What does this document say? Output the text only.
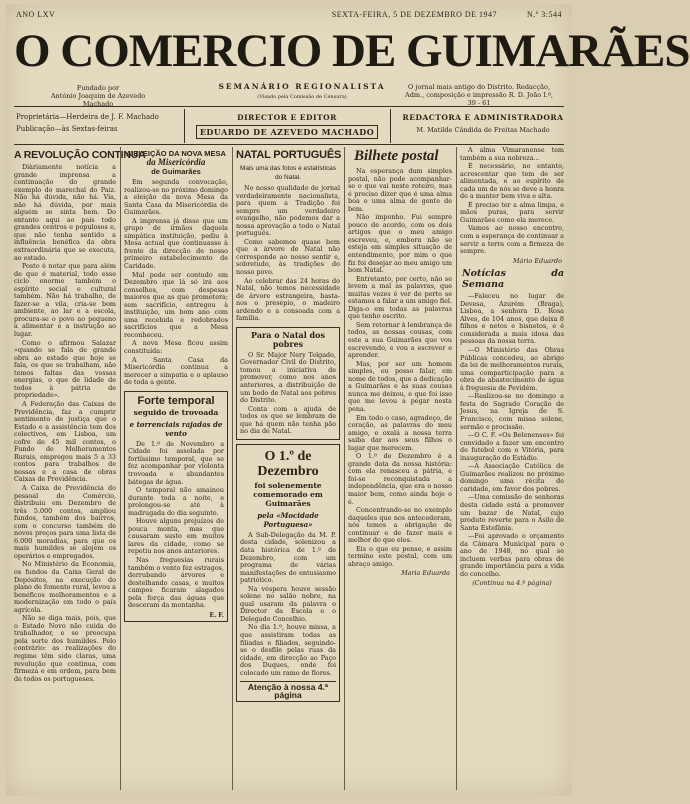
ANO LXV	SEXTA-FEIRA, 5 DE DEZEMBRO DE 1947	N.º 3:544
O COMERCIO DE GUIMARÃES
Fundado por
António Joaquim de Azevedo Machado
SEMANÁRIO REGIONALISTA
(Visado pela Comissão de Censura)
O jornal mais antigo do Distrito. Redacção,
Adm., composição e impressão R. D. João I.º, 39 - 61
Proprietária—Herdeira de J. F. Machado
Publicação—às Sextas-feiras
DIRECTOR E EDITOR
EDUARDO DE AZEVEDO MACHADO
REDACTORA E ADMINISTRADORA
M. Matilde Cândida de Freitas Machado
A REVOLUÇÃO CONTINUA

Diàriamente notícia a grande imprensa a continuação do grande exemplo do marechal do Paiz. Não há dúvida, não há. Via, não há dúvida, por mais alguém se sinta bem. Do entanto aqui ao pais todo grandes centros e populosos e, que não tenha sentido a influência benéfica da obra extraordinária que se executa, ao estado.

Posto é notar que para além de que é material, todo esse ciclo enorme também o espírito social e cultural também. Não há trabalho, de fazer-se a vila, cria-se bom ambiente, ao lar e a escola, procura-se o povo ao pequeno a alimentar e a instrução ao lugar.

Como o afirmou Salazar «quando se fala de grande obra ao estado que hoje se fala, os que se trabalham, não temos faltas das vossas energias, o que de lidade de todos à pátria de propriedade».

A Federação das Caixas de Previdência, faz a cumprir sentimento de justiça que o Estado e a assistência tem dos colectivos, em Lisboa, um cofre de 45 mil contos, o Fundo de Melhoramentos Rurais, empregou mais 5 a 33 contos para trabalhos de nossas e a casa de obras Caixas de Previdência.

A Caixa de Previdência do pessoal do Comércio, distribuiu em Dezembro de três 5.000 contos, ampliou fundos, também dos bairros, com o concurso também de novos preços para uma lista de 6.000 moradias, para que os mais humildes se alojem os operários e empregados.

No Ministério da Economia, os fundos da Caixa Geral de Depósitos, na execução do plano de fomento rural, levou a benéficos melhoramentos e a modernização em todo o país agrícola.

Não se diga mais, pois, que o Estado Novo não cuida do trabalhador, e se preocupa pela sorte dos humildes. Pelo contrário: as realizações do regime têm sido claras, uma revolução que continua, com firmeza e em ordem, para bem de todos os portugueses.

A ELEIÇÃO DA NOVA MESA
da Misericórdia
de Guimarães

Em segunda convocação, realizou-se no próximo domingo a eleição da nova Mesa da Santa Casa da Misericórdia de Guimarães.

A imprensa já disse que um grupo de irmãos daquela simpática instituição, pediu à Mesa actual que continuasse à frente da direcção de nosso primeiro estabelecimento de Caridade.

Mal pode ser contudo em Dezembro que lá só irá aos conselhos, com despesas maiores que as que prometera; sem sacrifício, entregou à instituição, um bom ano com uma recebida e redobrados sacrifícios que a Mesa reconheceu.

A nova Mesa ficou assim constituída:

A Santa Casa da Misericórdia continua a merecer a simpatia e o aplauso de toda a gente.

Forte temporal
seguido de trovoada
e torrenciais rajadas de vento

De 1.º de Novembro a Cidade foi assolada por fortíssimo temporal, que se fez acompanhar por violenta trovoada e abundantes bátegas de água.

O temporal não amainou durante toda a noite, e prolongou-se até à madrugada do dia seguinte.

Houve alguns prejuízos de pouca monta, mas que causaram susto em muitos lares da cidade, como se repetiu nos anos anteriores.

Nas freguesias rurais também o vento fez estragos, derrubando árvores e destelhando casas, e muitos campos ficaram alagados pela força das águas que desceram da montanha.

E. F.
NATAL PORTUGUÊS
Mais uma das fotos e estatísticas do Natal.

No nosso qualidade de jornal verdadeiramente nacionalista, para quem a Tradição foi sempre um verdadeiro evangelho, não podemos dar a nossa aprovação a todo o Natal português.

Como sabemos quase bem que a árvore de Natal não corresponde ao nosso sentir e, sobretudo, às tradições do nosso povo.

Ao celebrar das 24 horas do Natal, não temos necessidade de árvore estrangeira, basta-nos o presépio, o madeiro ardendo e a consoada com a família.

Para o Natal dos pobres

O Sr. Major Nery Telgado, Governador Civil do Distrito, tomou a iniciativa de promover, como nos anos anteriores, a distribuição de um bodo de Natal aos pobres do Distrito.

Conta com a ajuda de todos os que se lembram de que há quem não tenha pão no dia de Natal.

O 1.º de Dezembro
foi solenemente comemorado em Guimarães
pela «Mocidade Portuguesa»

A Sub-Delegação da M. P. desta cidade, solenizou a data histórica de 1.º de Dezembro, com um programa de várias manifestações de entusiasmo patriótico.

Na véspera houve sessão solene no salão nobre, na qual usaram da palavra o Director da Escola e o Delegado Concelhio.

No dia 1.º, houve missa, a que assistiram todas as filiadas e filiados, seguindo-se o desfile pelas ruas da cidade, em direcção ao Paço dos Duques, onde foi colocado um ramo de flores.

Atenção à nossa 4.ª página
Bilhete postal

Na esperança dum simples postal, não pode acompanhar-se o que vai neste roteiro, mas é preciso dizer que é uma alma boa e uma alma de gente de bem.

Não imponho. Fui sempre pouco de acordo, com os dois artigos que o meu amigo escreveu, e, embora não se esteja em simples situação de entendimento, por mim o que fiz foi desejar ao meu amigo um bom Natal.

Entretanto, por certo, não se levem a mal as palavras, que muitas vezes é ver de perto se estamos a falar a um amigo fiel. Diga-o em todas as palavras que tenho escrito.

Sem retornar à lembrança de todos, as nossas cousas, com este a sua Guimarães que vou escrevendo, e vou a escrever e aprender.

Mas, por ser um homem simples, eu posso falar, em nome de todos, que a dedicação a Guimarães e às suas cousas nunca me deixou, e que foi isso que me levou a pegar nesta pena.

Em todo o caso, agradeço, de coração, as palavras do meu amigo, e oxalá a nossa terra saiba dar aos seus filhos o lugar que merecem.

O 1.º de Dezembro é a grande data da nossa história: com ela renasceu a pátria, e foi-se reconquistada a independência, que era o nosso maior bem, como ainda hoje o é.

Concentrando-se no exemplo daqueles que nos antecederam, nós temos a obrigação de continuar e de fazer mais e melhor do que eles.

Eis o que eu penso, e assim termino este postal, com um abraço amigo.

Maria Eduarda

A alma Vimaranense tem também a sua nobreza...

É necessário, no entanto, acrescentar que tem de ser alimentada, e ao espírito de cada um de nós se deve a honra de a manter bem viva e alta.

É preciso ter a alma limpa, e mãos puras, para servir Guimarães como ela merece.

Vamos ao nosso encontro, com a esperança de continuar a servir a terra com a firmeza de sempre.

Mário Eduardo
Notícias da Semana

—Faleceu no lugar de Devesa, Azurém (Braga), Lisboa, a senhora D. Rosa Alves, de 104 anos, que deixa 8 filhos e netos e bisnetos, e é considerada a mais idosa das pessoas da nossa terra.

—O Ministério das Obras Públicas concedeu, ao abrigo da lei de melhoramentos rurais, uma comparticipação para a obra de abastecimento de água à freguesia de Pevidém.

—Realizou-se no domingo a festa do Sagrado Coração de Jesus, na Igreja de S. Francisco, com missa solene, sermão e procissão.

—O C. F. «Os Belenenses» foi convidado a fazer um encontro de futebol com o Vitória, para inauguração do Estádio.

—A Associação Católica de Guimarães realizou no próximo domingo uma récita de caridade, em favor dos pobres.

—Uma comissão de senhoras desta cidade está a promover um bazar de Natal, cujo produto reverte para o Asilo de Santa Estefânia.

—Foi aprovado o orçamento da Câmara Municipal para o ano de 1948, no qual se incluem verbas para obras de grande importância para a vida do concelho.

(Continua na 4.ª página)
